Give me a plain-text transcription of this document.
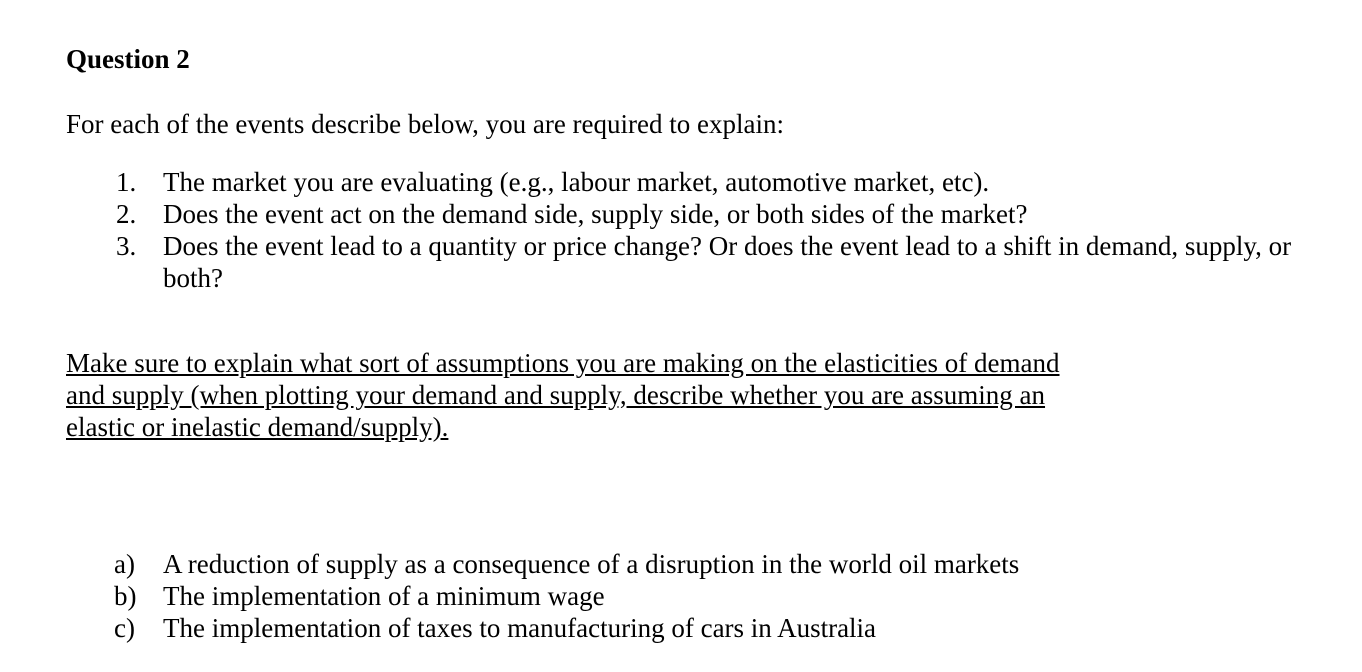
Question 2

For each of the events describe below, you are required to explain:

1. The market you are evaluating (e.g., labour market, automotive market, etc).
2. Does the event act on the demand side, supply side, or both sides of the market?
3. Does the event lead to a quantity or price change? Or does the event lead to a shift in demand, supply, or both?

Make sure to explain what sort of assumptions you are making on the elasticities of demand
and supply (when plotting your demand and supply, describe whether you are assuming an
elastic or inelastic demand/supply).

a) A reduction of supply as a consequence of a disruption in the world oil markets
b) The implementation of a minimum wage
c) The implementation of taxes to manufacturing of cars in Australia
